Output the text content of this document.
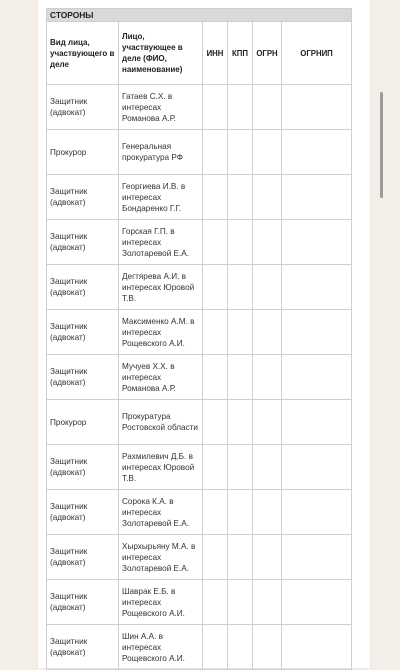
СТОРОНЫ					
Вид лица, участвующего в деле	Лицо, участвующее в деле (ФИО, наименование)	ИНН	КПП	ОГРН	ОГРНИП
Защитник (адвокат)	Гатаев С.Х. в интересах Романова А.Р.				
Прокурор	Генеральная прокуратура РФ				
Защитник (адвокат)	Георгиева И.В. в интересах Бондаренко Г.Г.				
Защитник (адвокат)	Горская Г.П. в интересах Золотаревой Е.А.				
Защитник (адвокат)	Дегтярева А.И. в интересах Юровой Т.В.				
Защитник (адвокат)	Максименко А.М. в интересах Рощевского А.И.				
Защитник (адвокат)	Мучуев Х.Х. в интересах Романова А.Р.				
Прокурор	Прокуратура Ростовской области				
Защитник (адвокат)	Рахмилевич Д.Б. в интересах Юровой Т.В.				
Защитник (адвокат)	Сорока К.А. в интересах Золотаревой Е.А.				
Защитник (адвокат)	Хырхырьяну М.А. в интересах Золотаревой Е.А.				
Защитник (адвокат)	Шаврак Е.Б. в интересах Рощевского А.И.				
Защитник (адвокат)	Шин А.А. в интересах Рощевского А.И.				
